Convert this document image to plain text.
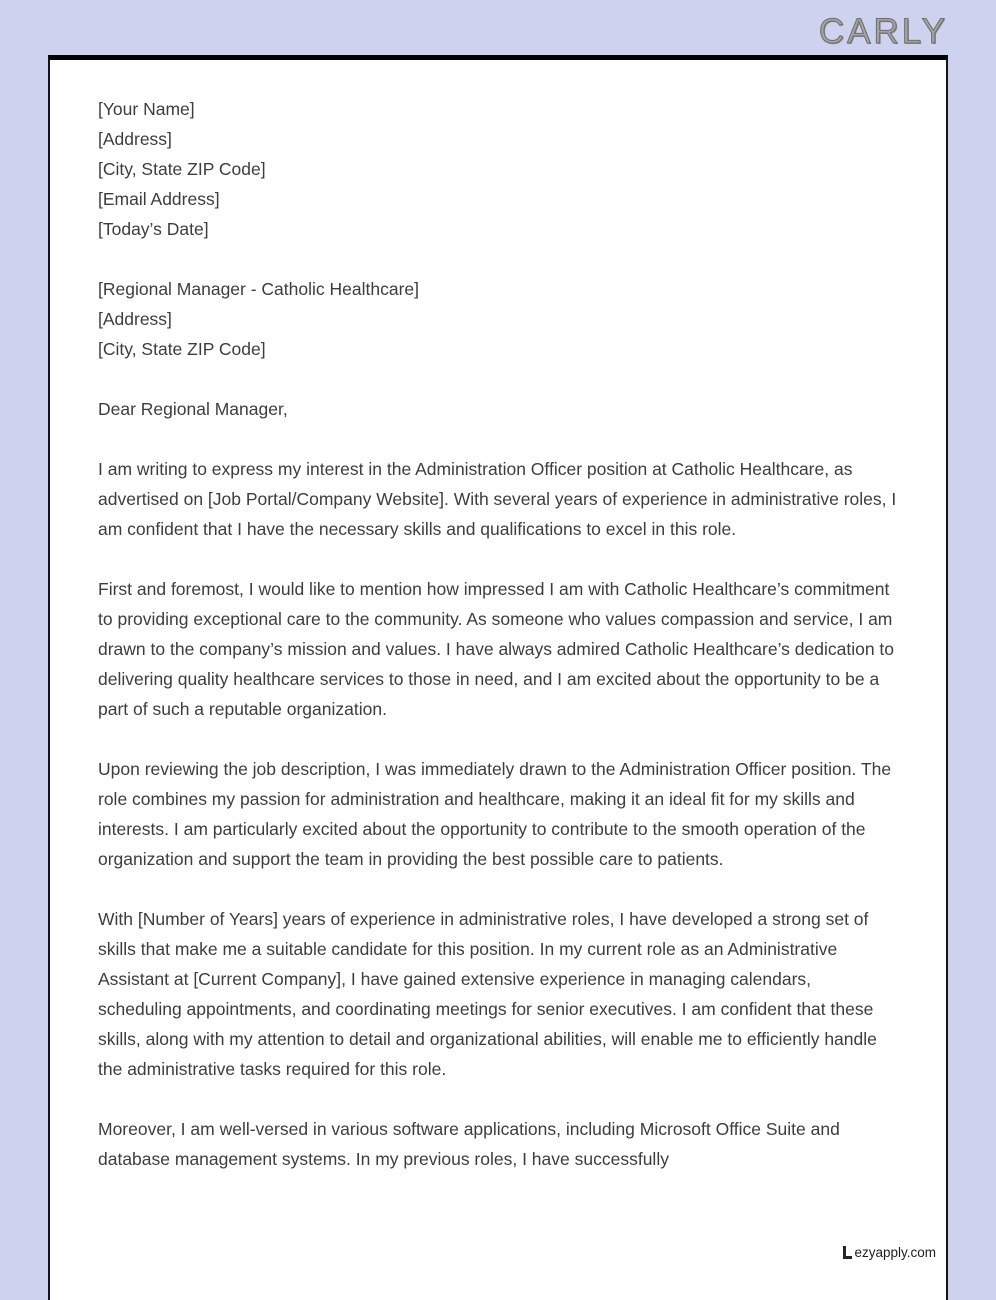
CARLY
[Your Name]
[Address]
[City, State ZIP Code]
[Email Address]
[Today’s Date]
[Regional Manager - Catholic Healthcare]
[Address]
[City, State ZIP Code]
Dear Regional Manager,

I am writing to express my interest in the Administration Officer position at Catholic Healthcare, as advertised on [Job Portal/Company Website]. With several years of experience in administrative roles, I am confident that I have the necessary skills and qualifications to excel in this role.

First and foremost, I would like to mention how impressed I am with Catholic Healthcare’s commitment to providing exceptional care to the community. As someone who values compassion and service, I am drawn to the company’s mission and values. I have always admired Catholic Healthcare’s dedication to delivering quality healthcare services to those in need, and I am excited about the opportunity to be a part of such a reputable organization.

Upon reviewing the job description, I was immediately drawn to the Administration Officer position. The role combines my passion for administration and healthcare, making it an ideal fit for my skills and interests. I am particularly excited about the opportunity to contribute to the smooth operation of the organization and support the team in providing the best possible care to patients.

With [Number of Years] years of experience in administrative roles, I have developed a strong set of skills that make me a suitable candidate for this position. In my current role as an Administrative Assistant at [Current Company], I have gained extensive experience in managing calendars, scheduling appointments, and coordinating meetings for senior executives. I am confident that these skills, along with my attention to detail and organizational abilities, will enable me to efficiently handle the administrative tasks required for this role.

Moreover, I am well-versed in various software applications, including Microsoft Office Suite and database management systems. In my previous roles, I have successfully

ezyapply.com
